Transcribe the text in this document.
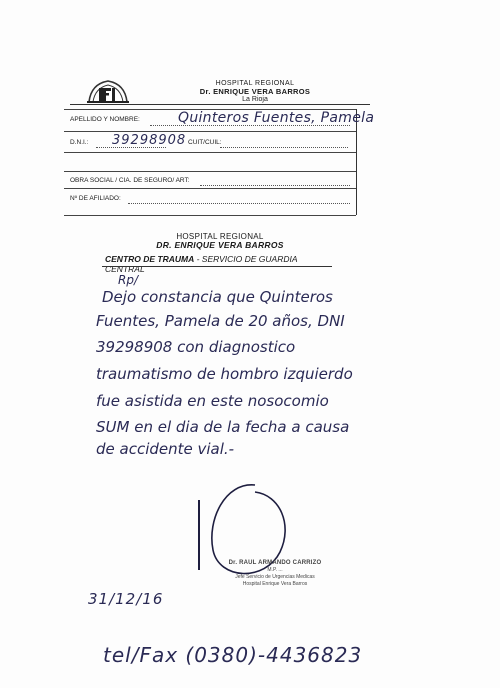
HOSPITAL REGIONAL
Dr. ENRIQUE VERA BARROS
La Rioja
APELLIDO Y NOMBRE:	Quinteros Fuentes, Pamela
D.N.I.: 39298908 CUIT/CUIL:
OBRA SOCIAL / CIA. DE SEGURO/ ART:
Nº DE AFILIADO:
HOSPITAL REGIONAL
DR. ENRIQUE VERA BARROS
CENTRO DE TRAUMA - SERVICIO DE GUARDIA CENTRAL
Rp/
Dejo constancia que Quinteros
Fuentes, Pamela de 20 años, DNI
39298908 con diagnostico
traumatismo de hombro izquierdo
fue asistida en este nosocomio
SUM en el dia de la fecha a causa
de accidente vial.-
Dr. RAUL ARMANDO CARRIZO
M.P. ...
Jefe Servicio de Urgencias Medicas
Hospital Enrique Vera Barros
31/12/16
tel/Fax (0380)-4436823
